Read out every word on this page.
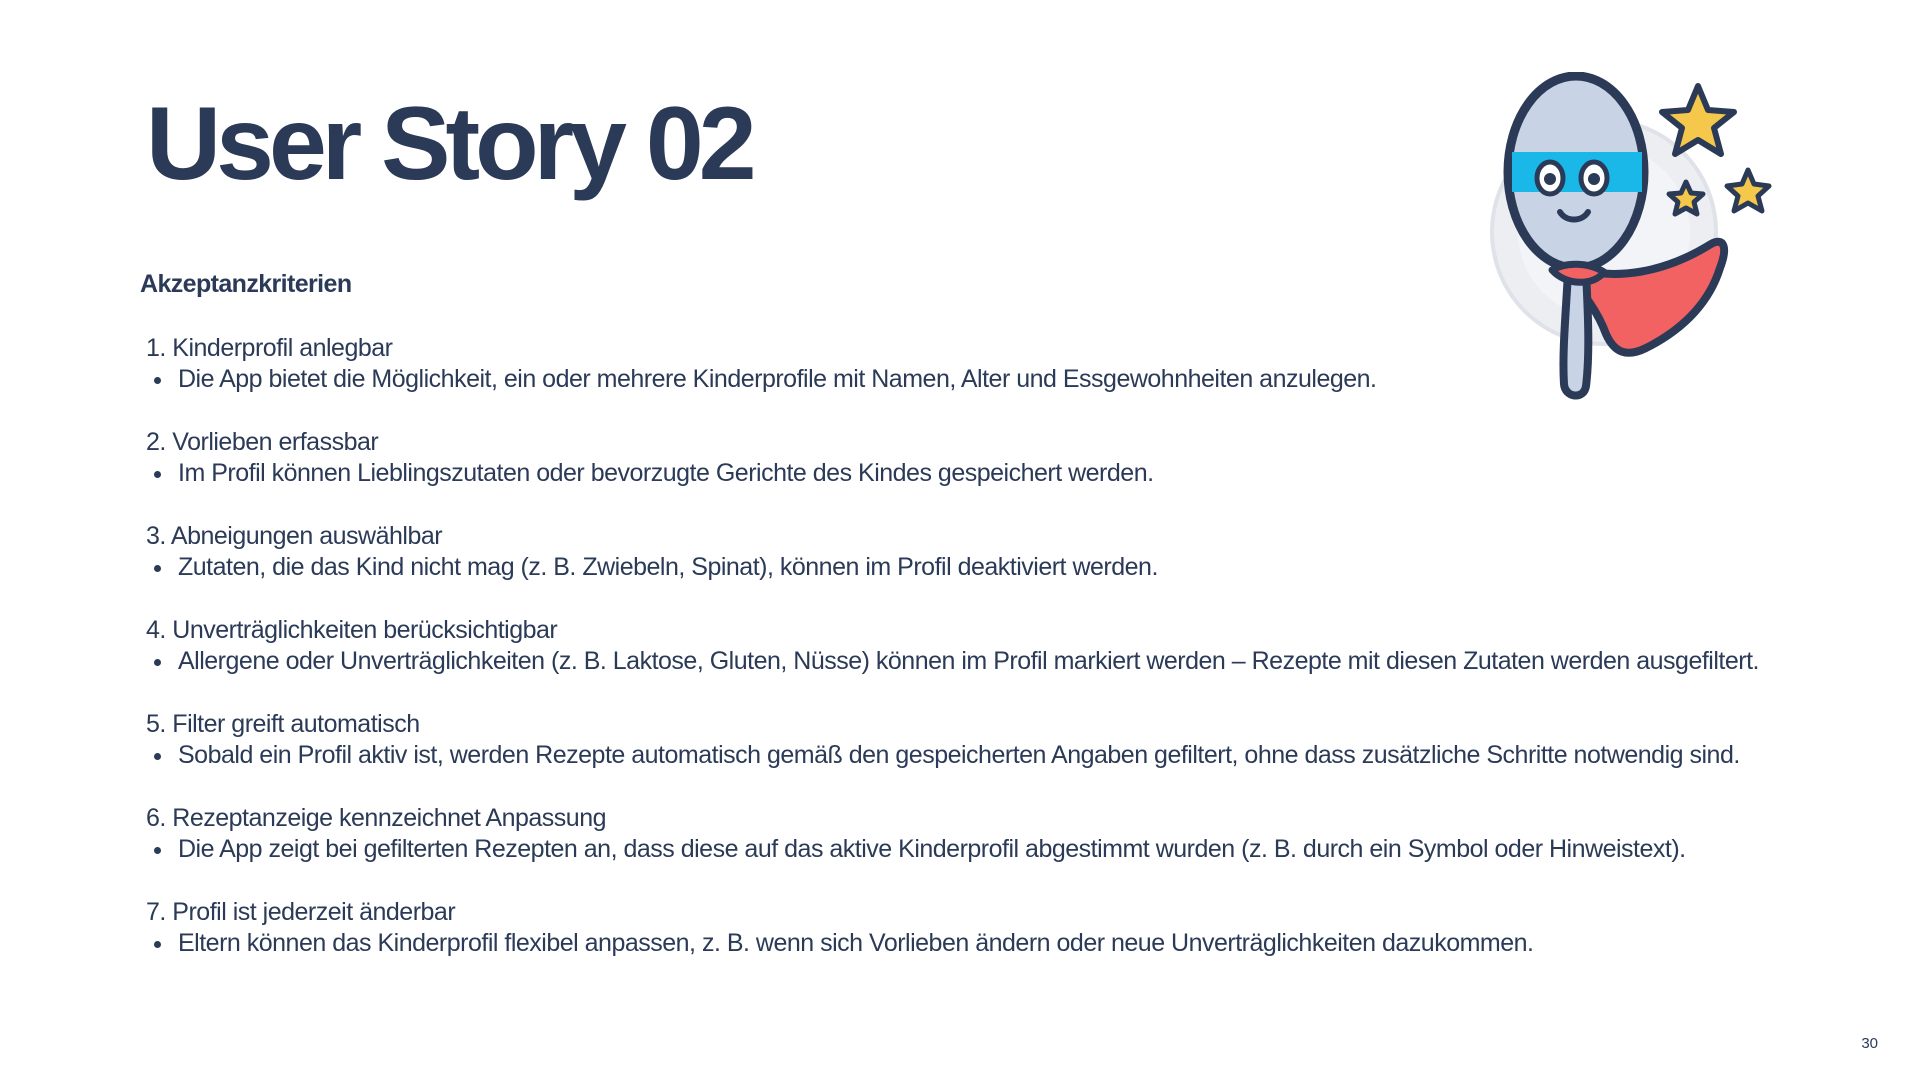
User Story 02
Akzeptanzkriterien
1. Kinderprofil anlegbar
Die App bietet die Möglichkeit, ein oder mehrere Kinderprofile mit Namen, Alter und Essgewohnheiten anzulegen.
2. Vorlieben erfassbar
Im Profil können Lieblingszutaten oder bevorzugte Gerichte des Kindes gespeichert werden.
3. Abneigungen auswählbar
Zutaten, die das Kind nicht mag (z. B. Zwiebeln, Spinat), können im Profil deaktiviert werden.
4. Unverträglichkeiten berücksichtigbar
Allergene oder Unverträglichkeiten (z. B. Laktose, Gluten, Nüsse) können im Profil markiert werden – Rezepte mit diesen Zutaten werden ausgefiltert.
5. Filter greift automatisch
Sobald ein Profil aktiv ist, werden Rezepte automatisch gemäß den gespeicherten Angaben gefiltert, ohne dass zusätzliche Schritte notwendig sind.
6. Rezeptanzeige kennzeichnet Anpassung
Die App zeigt bei gefilterten Rezepten an, dass diese auf das aktive Kinderprofil abgestimmt wurden (z. B. durch ein Symbol oder Hinweistext).
7. Profil ist jederzeit änderbar
Eltern können das Kinderprofil flexibel anpassen, z. B. wenn sich Vorlieben ändern oder neue Unverträglichkeiten dazukommen.
30
